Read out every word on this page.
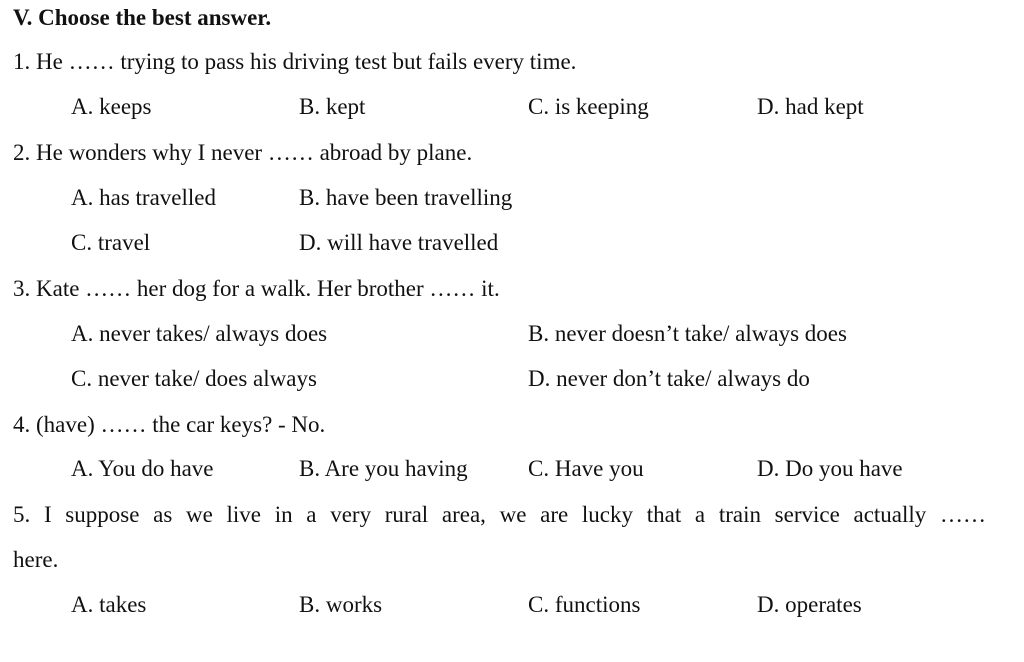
V. Choose the best answer.
1. He …… trying to pass his driving test but fails every time.
A. keeps	B. kept	C. is keeping	D. had kept
2. He wonders why I never …… abroad by plane.
A. has travelled	B. have been travelling
C. travel	D. will have travelled
3. Kate …… her dog for a walk. Her brother …… it.
A. never takes/ always does	B. never doesn’t take/ always does
C. never take/ does always	D. never don’t take/ always do
4. (have) …… the car keys? - No.
A. You do have	B. Are you having	C. Have you	D. Do you have
5. I suppose as we live in a very rural area, we are lucky that a train service actually ……
here.
A. takes	B. works	C. functions	D. operates
